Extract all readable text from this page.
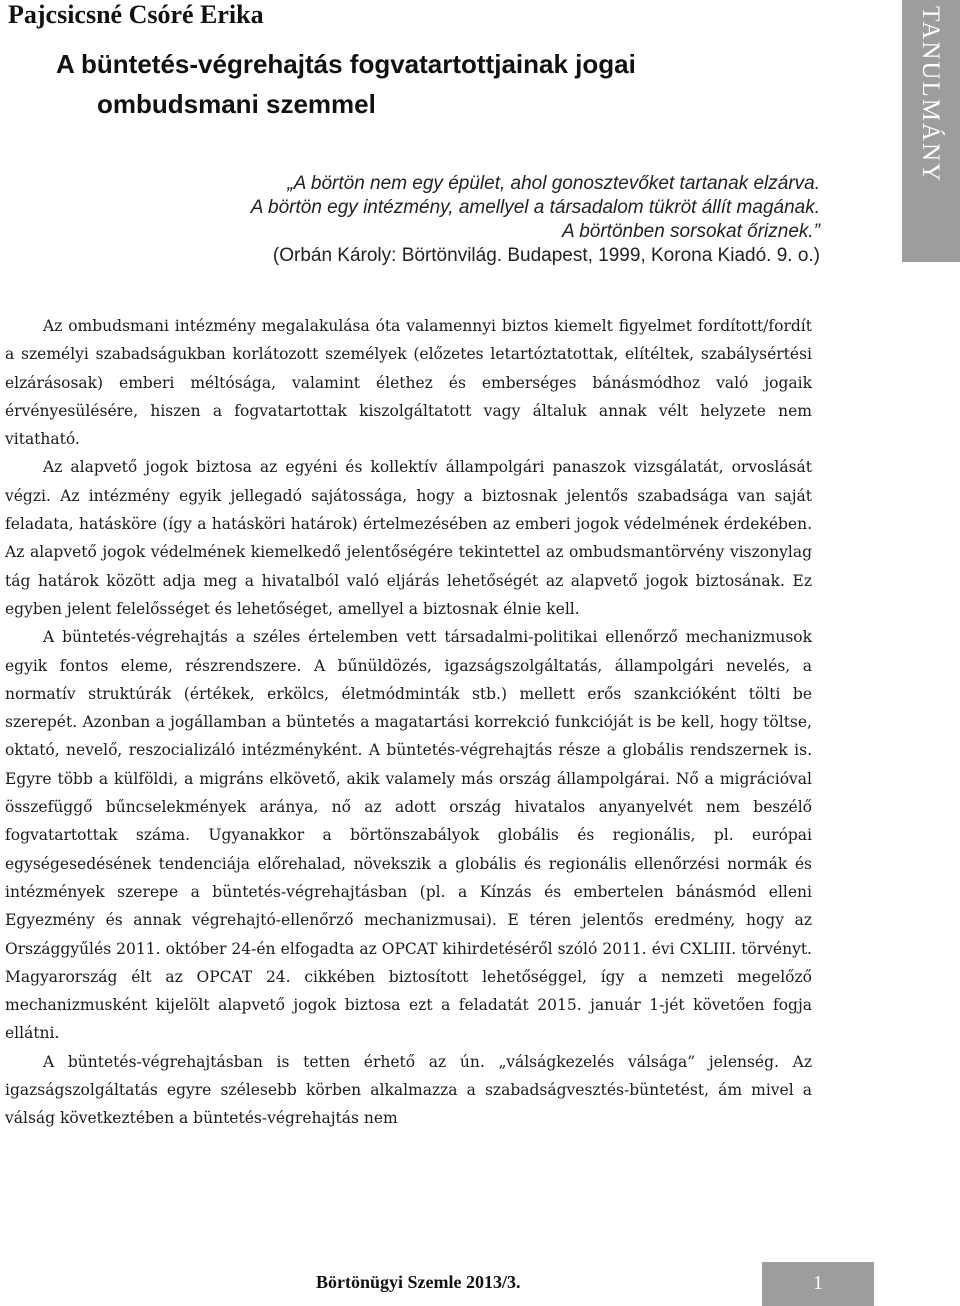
TANULMÁNY
Pajcsicsné Csóré Erika
A büntetés-végrehajtás fogvatartottjainak jogai
ombudsmani szemmel
„A börtön nem egy épület, ahol gonosztevőket tartanak elzárva.
A börtön egy intézmény, amellyel a társadalom tükröt állít magának.
A börtönben sorsokat őriznek.”
(Orbán Károly: Börtönvilág. Budapest, 1999, Korona Kiadó. 9. o.)

Az ombudsmani intézmény megalakulása óta valamennyi biztos kiemelt figyelmet fordított/fordít a személyi szabadságukban korlátozott személyek (előzetes letartóztatottak, elítéltek, szabálysértési elzárásosak) emberi méltósága, valamint élethez és emberséges bánásmódhoz való jogaik érvényesülésére, hiszen a fogvatartottak kiszolgáltatott vagy általuk annak vélt helyzete nem vitatható.

Az alapvető jogok biztosa az egyéni és kollektív állampolgári panaszok vizsgálatát, orvoslását végzi. Az intézmény egyik jellegadó sajátossága, hogy a biztosnak jelentős szabadsága van saját feladata, hatásköre (így a hatásköri határok) értelmezésében az emberi jogok védelmének érdekében. Az alapvető jogok védelmének kiemelkedő jelentőségére tekintettel az ombudsmantörvény viszonylag tág határok között adja meg a hivatalból való eljárás lehetőségét az alapvető jogok biztosának. Ez egyben jelent felelősséget és lehetőséget, amellyel a biztosnak élnie kell.

A büntetés-végrehajtás a széles értelemben vett társadalmi-politikai ellenőrző mechanizmusok egyik fontos eleme, részrendszere. A bűnüldözés, igazságszolgáltatás, állampolgári nevelés, a normatív struktúrák (értékek, erkölcs, életmódminták stb.) mellett erős szankcióként tölti be szerepét. Azonban a jogállamban a büntetés a magatartási korrekció funkcióját is be kell, hogy töltse, oktató, nevelő, reszocializáló intézményként. A büntetés-végrehajtás része a globális rendszernek is. Egyre több a külföldi, a migráns elkövető, akik valamely más ország állampolgárai. Nő a migrációval összefüggő bűncselekmények aránya, nő az adott ország hivatalos anyanyelvét nem beszélő fogvatartottak száma. Ugyanakkor a börtönszabályok globális és regionális, pl. európai egységesedésének tendenciája előrehalad, növekszik a globális és regionális ellenőrzési normák és intézmények szerepe a büntetés-végrehajtásban (pl. a Kínzás és embertelen bánásmód elleni Egyezmény és annak végrehajtó-ellenőrző mechanizmusai). E téren jelentős eredmény, hogy az Országgyűlés 2011. október 24-én elfogadta az OPCAT kihirdetéséről szóló 2011. évi CXLIII. törvényt. Magyarország élt az OPCAT 24. cikkében biztosított lehetőséggel, így a nemzeti megelőző mechanizmusként kijelölt alapvető jogok biztosa ezt a feladatát 2015. január 1-jét követően fogja ellátni.

A büntetés-végrehajtásban is tetten érhető az ún. „válságkezelés válsága” jelenség. Az igazságszolgáltatás egyre szélesebb körben alkalmazza a szabadságvesztés-büntetést, ám mivel a válság következtében a büntetés-végrehajtás nem

Börtönügyi Szemle 2013/3.	1
